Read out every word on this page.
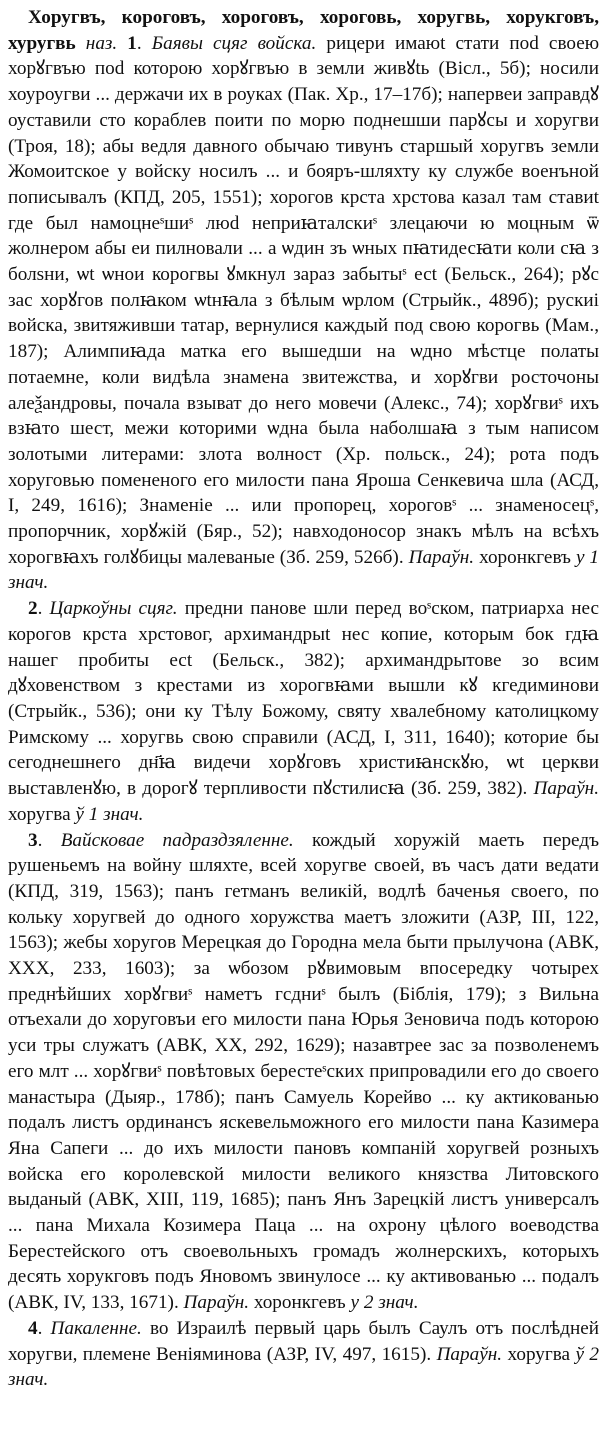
Хоругвъ, короговъ, хороговъ, хороговь, хоругвь, хорукговъ, хуругвь наз. 1. Баявы сцяг войска. рицери имаюt стати поd своею хорꙋгвъю поd которою хорꙋгвъю в земли живꙋtь (Вісл., 5б); носили хоуроугви ... держачи их в роуках (Пак. Хр., 17–17б); напервеи заправдꙋ оуставили сто кораблев поити по морю поднешши парꙋсы и хоругви (Троя, 18); абы ведля давного обычаю тивунъ старшый хоругвъ земли Жомоитское у войску носилъ ... и бояръ-шляхту ку службе военъной пописывалъ (КПД, 205, 1551); хорогов крста хрстова казал там ставиt где был намоцнеˢшиˢ люd неприꙗталскиˢ злецаючи ю моцным ѿ жолнером абы еи пилновали ... а ѡдин зъ ѡных пꙗтидесꙗти коли сꙗ з болѕни, ѡt ѡнои корогвы ꙋмкнул зараз забытыˢ есt (Бельск., 264); рꙋс зас хорꙋгов полꙗком ѡtнꙗла з бѣлым ѡрлом (Стрыйк., 489б); рускиі войска, звитяживши татар, вернулися каждый под свою корогвь (Мам., 187); Алимпиꙗда матка его вышедши на ѡдно мѣстце полаты потаемне, коли видѣла знамена звитежства, и хорꙋгви росточоны алеѯандровы, почала взыват до него мовечи (Алекс., 74); хорꙋгвиˢ ихъ взꙗто шест, межи которими ѡдна была наболшаꙗ з тым написом золотыми литерами: злота волност (Хр. польск., 24); рота подъ хоруговью помененого его милости пана Яроша Сенкевича шла (АСД, I, 249, 1616); Знаменіе ... или пропорец, хороговˢ ... знаменосецˢ, пропорчник, хорꙋжій (Бяр., 52); навходоносор знакъ мѣлъ на всѣхъ хорогвꙗхъ голꙋбицы малеваные (Зб. 259, 526б). Параўн. хоронкгевъ у 1 знач.

2. Царкоўны сцяг. предни панове шли перед воˢском, патриарха нес корогов крста хрстовог, архимандрыt нес копие, которым бок гдꙗ нашег пробиты есt (Бельск., 382); архимандрытове зо всим дꙋховенством з крестами из хорогвꙗми вышли кꙋ кгедиминови (Стрыйк., 536); они ку Тѣлу Божому, святу хвалебному католицкому Римскому ... хоругвь свою справили (АСД, I, 311, 1640); которие бы сегоднешнего дн҃ꙗ видечи хорꙋговъ христиꙗнскꙋю, ѡt церкви выставленꙋю, в дорогꙋ терпливости пꙋстилисꙗ (Зб. 259, 382). Параўн. хоругва ў 1 знач.

3. Вайсковае падраздзяленне. кождый хоружій маеть передъ рушеньемъ на войну шляхте, всей хоругве своей, въ часъ дати ведати (КПД, 319, 1563); панъ гетманъ великій, водлѣ баченья своего, по кольку хоругвей до одного хоружства маетъ зложити (АЗР, III, 122, 1563); жебы хоругов Мерецкая до Городна мела быти прылучона (АВК, XXX, 233, 1603); за ѡбозом рꙋвимовым впосередку чотырех преднѣйших хорꙋгвиˢ наметъ гсдниˢ былъ (Біблія, 179); з Вильна отъехали до хоруговъи его милости пана Юрья Зеновича подъ которою уси тры служатъ (АВК, XX, 292, 1629); назавтрее зас за позволенемъ его млт ... хорꙋгвиˢ повѣтовых берестеˢских припровадили его до своего манастыра (Дыяр., 178б); панъ Самуель Корейво ... ку актикованью подалъ листъ ординансъ яскевельможного его милости пана Казимера Яна Сапеги ... до ихъ милости пановъ компаній хоругвей розныхъ войска его королевской милости великого князства Литовского выданый (АВК, XIII, 119, 1685); панъ Янъ Зарецкій листъ универсалъ ... пана Михала Козимера Паца ... на охрону цѣлого воеводства Берестейского отъ своевольныхъ громадъ жолнерскихъ, которыхъ десять хорукговъ подъ Яновомъ звинулосе ... ку активованью ... подалъ (АВК, IV, 133, 1671). Параўн. хоронкгевъ у 2 знач.

4. Пакаленне. во Израилѣ первый царь былъ Саулъ отъ послѣдней хоругви, племене Веніяминова (АЗР, IV, 497, 1615). Параўн. хоругва ў 2 знач.
